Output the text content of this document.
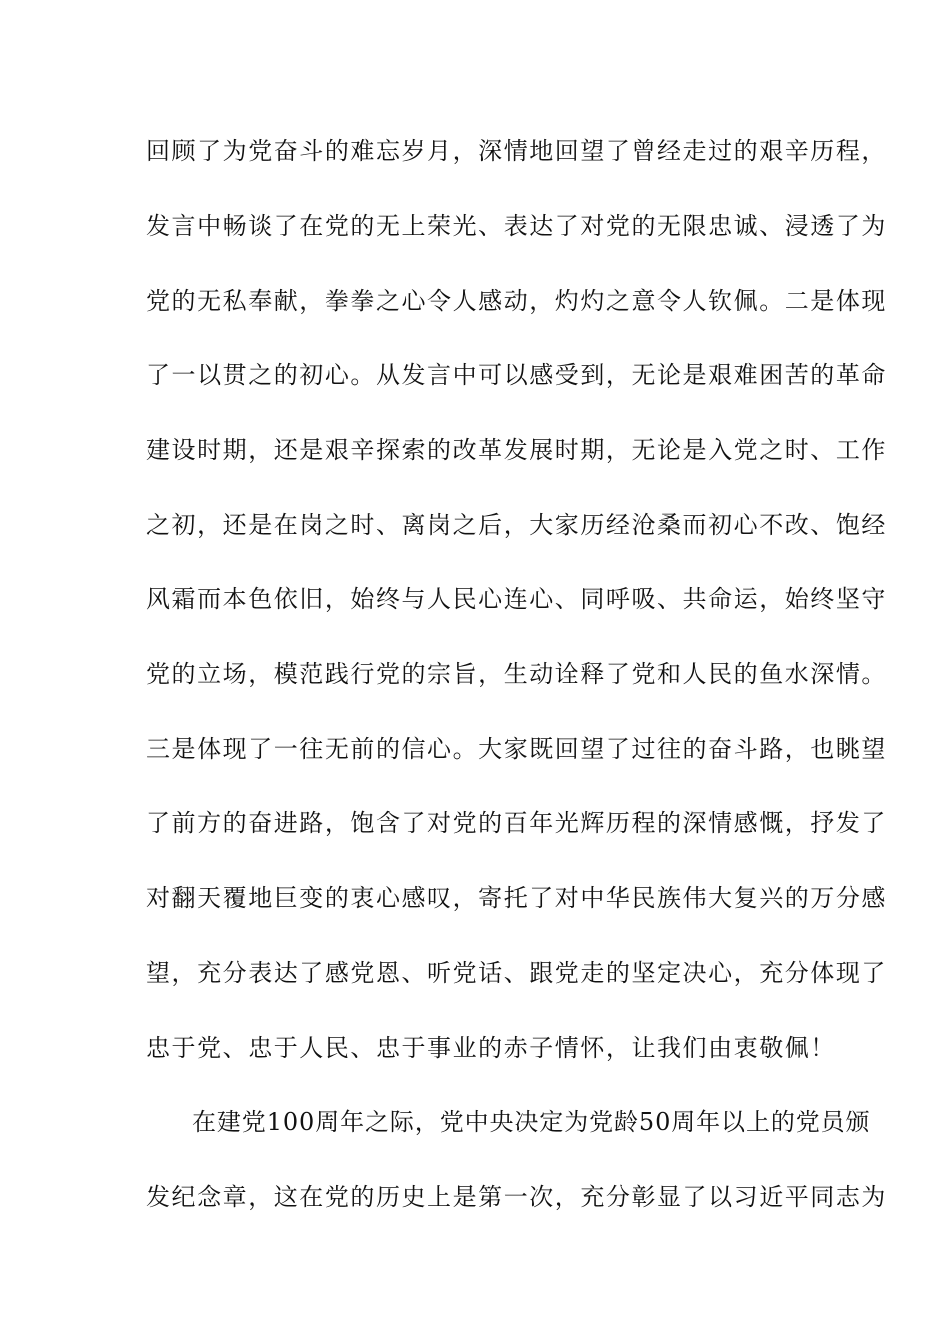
回顾了为党奋斗的难忘岁月，深情地回望了曾经走过的艰辛历程，
发言中畅谈了在党的无上荣光、表达了对党的无限忠诚、浸透了为
党的无私奉献，拳拳之心令人感动，灼灼之意令人钦佩。二是体现
了一以贯之的初心。从发言中可以感受到，无论是艰难困苦的革命
建设时期，还是艰辛探索的改革发展时期，无论是入党之时、工作
之初，还是在岗之时、离岗之后，大家历经沧桑而初心不改、饱经
风霜而本色依旧，始终与人民心连心、同呼吸、共命运，始终坚守
党的立场，模范践行党的宗旨，生动诠释了党和人民的鱼水深情。
三是体现了一往无前的信心。大家既回望了过往的奋斗路，也眺望
了前方的奋进路，饱含了对党的百年光辉历程的深情感慨，抒发了
对翻天覆地巨变的衷心感叹，寄托了对中华民族伟大复兴的万分感
望，充分表达了感党恩、听党话、跟党走的坚定决心，充分体现了
忠于党、忠于人民、忠于事业的赤子情怀，让我们由衷敬佩！
在建党100周年之际，党中央决定为党龄50周年以上的党员颁
发纪念章，这在党的历史上是第一次，充分彰显了以习近平同志为
